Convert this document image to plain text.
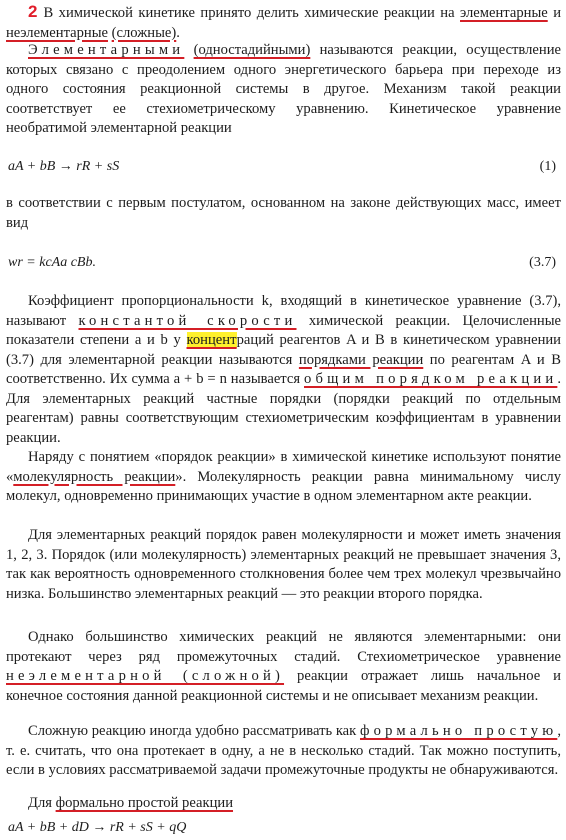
2 В химической кинетике принято делить химические реакции на элементарные и неэлементарные (сложные).
Элементарными (одностадийными) называются реакции, осуществление которых связано с преодолением одного энергетического барьера при переходе из одного состояния реакционной системы в другое. Механизм такой реакции соответствует ее стехиометрическому уравнению. Кинетическое уравнение необратимой элементарной реакции
aA + bB → rR + sS	(1)
в соответствии с первым постулатом, основанном на законе действующих масс, имеет вид
wr = kcAa cBb.	(3.7)
Коэффициент пропорциональности k, входящий в кинетическое уравнение (3.7), называют константой скорости химической реакции. Целочисленные показатели степени a и b у концентраций реагентов A и B в кинетическом уравнении (3.7) для элементарной реакции называются порядками реакции по реагентам A и B соответственно. Их сумма a + b = n называется общим порядком реакции. Для элементарных реакций частные порядки (порядки реакций по отдельным реагентам) равны соответствующим стехиометрическим коэффициентам в уравнении реакции.
Наряду с понятием «порядок реакции» в химической кинетике используют понятие «молекулярность реакции». Молекулярность реакции равна минимальному числу молекул, одновременно принимающих участие в одном элементарном акте реакции.
Для элементарных реакций порядок равен молекулярности и может иметь значения 1, 2, 3. Порядок (или молекулярность) элементарных реакций не превышает значения 3, так как вероятность одновременного столкновения более чем трех молекул чрезвычайно низка. Большинство элементарных реакций — это реакции второго порядка.
Однако большинство химических реакций не являются элементарными: они протекают через ряд промежуточных стадий. Стехиометрическое уравнение неэлементарной (сложной) реакции отражает лишь начальное и конечное состояния данной реакционной системы и не описывает механизм реакции.
Сложную реакцию иногда удобно рассматривать как формально простую, т. е. считать, что она протекает в одну, а не в несколько стадий. Так можно поступить, если в условиях рассматриваемой задачи промежуточные продукты не обнаруживаются.
Для формально простой реакции
aA + bB + dD → rR + sS + qQ
